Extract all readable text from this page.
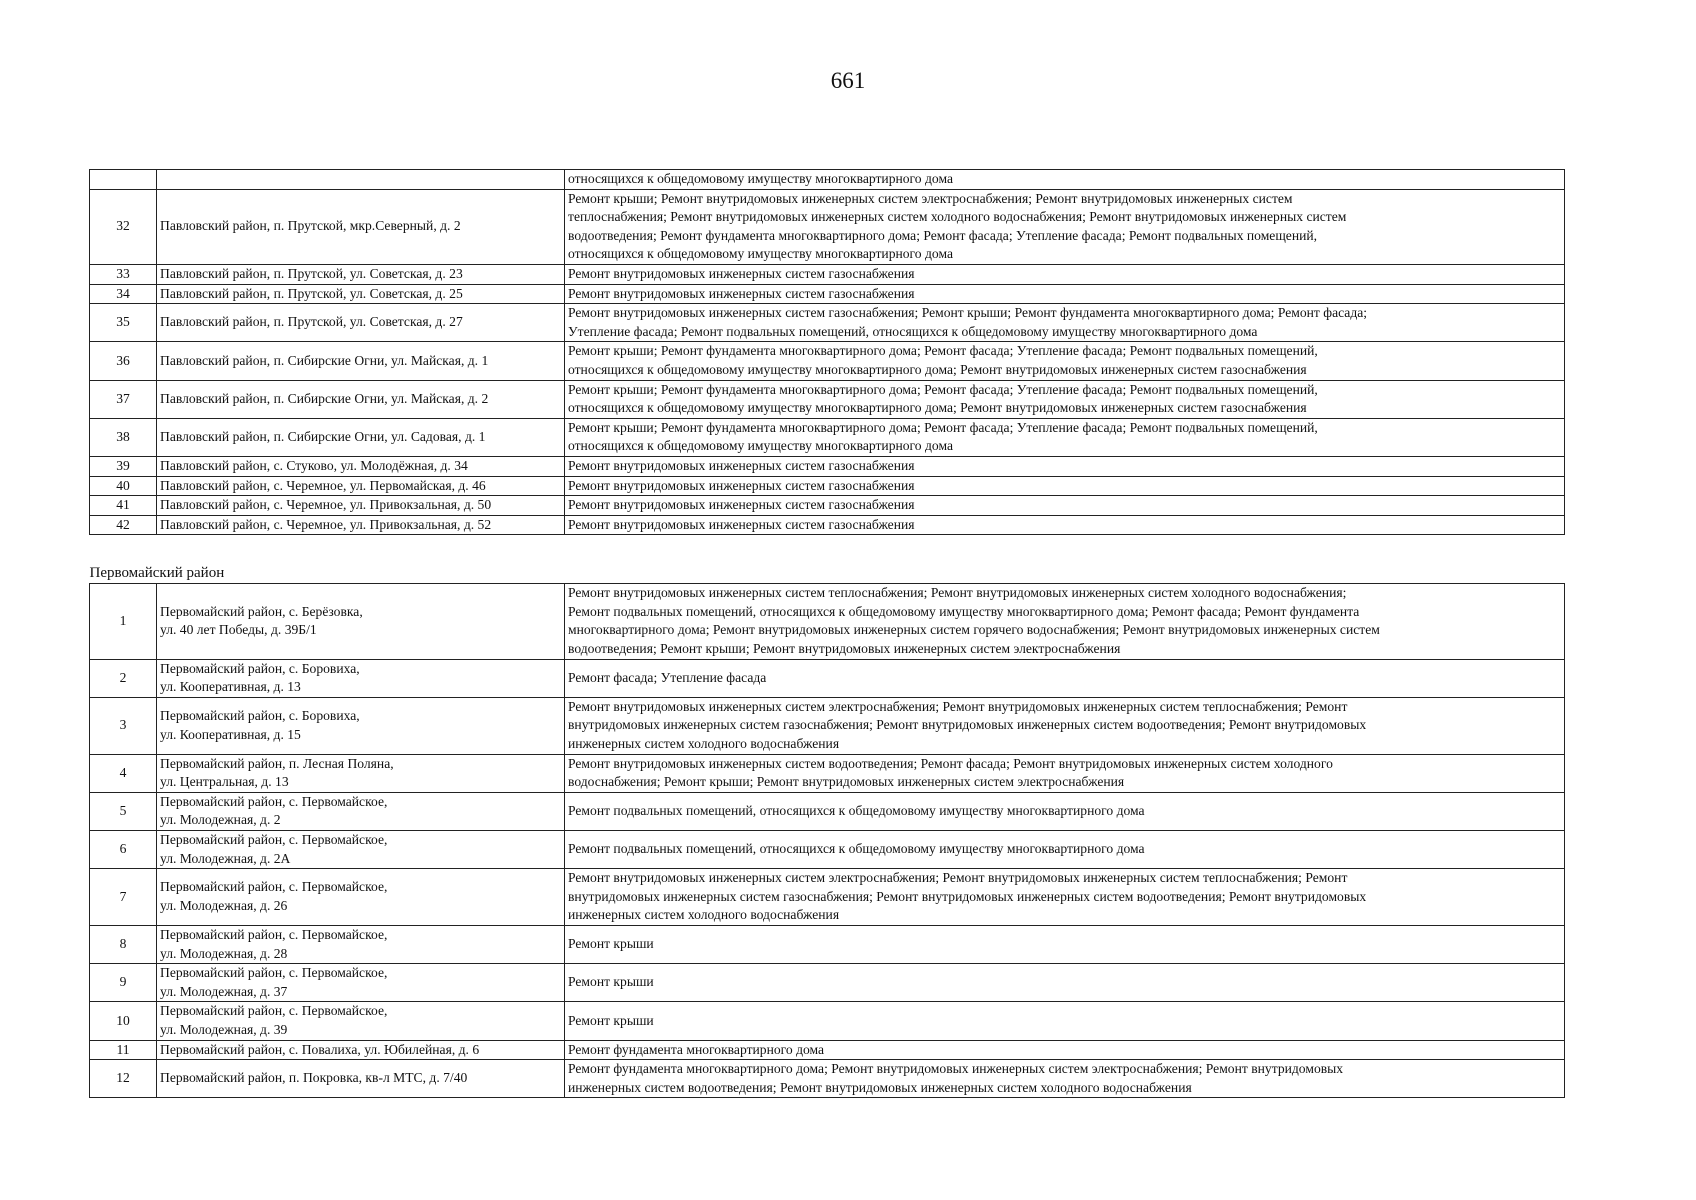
661
		относящихся к общедомовому имуществу многоквартирного дома
32	Павловский район, п. Прутской, мкр.Северный, д. 2	Ремонт крыши; Ремонт внутридомовых инженерных систем электроснабжения; Ремонт внутридомовых инженерных систем
теплоснабжения; Ремонт внутридомовых инженерных систем холодного водоснабжения; Ремонт внутридомовых инженерных систем
водоотведения; Ремонт фундамента многоквартирного дома; Ремонт фасада; Утепление фасада; Ремонт подвальных помещений,
относящихся к общедомовому имуществу многоквартирного дома
33	Павловский район, п. Прутской, ул. Советская, д. 23	Ремонт внутридомовых инженерных систем газоснабжения
34	Павловский район, п. Прутской, ул. Советская, д. 25	Ремонт внутридомовых инженерных систем газоснабжения
35	Павловский район, п. Прутской, ул. Советская, д. 27	Ремонт внутридомовых инженерных систем газоснабжения; Ремонт крыши; Ремонт фундамента многоквартирного дома; Ремонт фасада;
Утепление фасада; Ремонт подвальных помещений, относящихся к общедомовому имуществу многоквартирного дома
36	Павловский район, п. Сибирские Огни, ул. Майская, д. 1	Ремонт крыши; Ремонт фундамента многоквартирного дома; Ремонт фасада; Утепление фасада; Ремонт подвальных помещений,
относящихся к общедомовому имуществу многоквартирного дома; Ремонт внутридомовых инженерных систем газоснабжения
37	Павловский район, п. Сибирские Огни, ул. Майская, д. 2	Ремонт крыши; Ремонт фундамента многоквартирного дома; Ремонт фасада; Утепление фасада; Ремонт подвальных помещений,
относящихся к общедомовому имуществу многоквартирного дома; Ремонт внутридомовых инженерных систем газоснабжения
38	Павловский район, п. Сибирские Огни, ул. Садовая, д. 1	Ремонт крыши; Ремонт фундамента многоквартирного дома; Ремонт фасада; Утепление фасада; Ремонт подвальных помещений,
относящихся к общедомовому имуществу многоквартирного дома
39	Павловский район, с. Стуково, ул. Молодёжная, д. 34	Ремонт внутридомовых инженерных систем газоснабжения
40	Павловский район, с. Черемное, ул. Первомайская, д. 46	Ремонт внутридомовых инженерных систем газоснабжения
41	Павловский район, с. Черемное, ул. Привокзальная, д. 50	Ремонт внутридомовых инженерных систем газоснабжения
42	Павловский район, с. Черемное, ул. Привокзальная, д. 52	Ремонт внутридомовых инженерных систем газоснабжения
Первомайский район		
1	Первомайский район, с. Берёзовка,
ул. 40 лет Победы, д. 39Б/1	Ремонт внутридомовых инженерных систем теплоснабжения; Ремонт внутридомовых инженерных систем холодного водоснабжения;
Ремонт подвальных помещений, относящихся к общедомовому имуществу многоквартирного дома; Ремонт фасада; Ремонт фундамента
многоквартирного дома; Ремонт внутридомовых инженерных систем горячего водоснабжения; Ремонт внутридомовых инженерных систем
водоотведения; Ремонт крыши; Ремонт внутридомовых инженерных систем электроснабжения
2	Первомайский район, с. Боровиха,
ул. Кооперативная, д. 13	Ремонт фасада; Утепление фасада
3	Первомайский район, с. Боровиха,
ул. Кооперативная, д. 15	Ремонт внутридомовых инженерных систем электроснабжения; Ремонт внутридомовых инженерных систем теплоснабжения; Ремонт
внутридомовых инженерных систем газоснабжения; Ремонт внутридомовых инженерных систем водоотведения; Ремонт внутридомовых
инженерных систем холодного водоснабжения
4	Первомайский район, п. Лесная Поляна,
ул. Центральная, д. 13	Ремонт внутридомовых инженерных систем водоотведения; Ремонт фасада; Ремонт внутридомовых инженерных систем холодного
водоснабжения; Ремонт крыши; Ремонт внутридомовых инженерных систем электроснабжения
5	Первомайский район, с. Первомайское,
ул. Молодежная, д. 2	Ремонт подвальных помещений, относящихся к общедомовому имуществу многоквартирного дома
6	Первомайский район, с. Первомайское,
ул. Молодежная, д. 2А	Ремонт подвальных помещений, относящихся к общедомовому имуществу многоквартирного дома
7	Первомайский район, с. Первомайское,
ул. Молодежная, д. 26	Ремонт внутридомовых инженерных систем электроснабжения; Ремонт внутридомовых инженерных систем теплоснабжения; Ремонт
внутридомовых инженерных систем газоснабжения; Ремонт внутридомовых инженерных систем водоотведения; Ремонт внутридомовых
инженерных систем холодного водоснабжения
8	Первомайский район, с. Первомайское,
ул. Молодежная, д. 28	Ремонт крыши
9	Первомайский район, с. Первомайское,
ул. Молодежная, д. 37	Ремонт крыши
10	Первомайский район, с. Первомайское,
ул. Молодежная, д. 39	Ремонт крыши
11	Первомайский район, с. Повалиха, ул. Юбилейная, д. 6	Ремонт фундамента многоквартирного дома
12	Первомайский район, п. Покровка, кв-л МТС, д. 7/40	Ремонт фундамента многоквартирного дома; Ремонт внутридомовых инженерных систем электроснабжения; Ремонт внутридомовых
инженерных систем водоотведения; Ремонт внутридомовых инженерных систем холодного водоснабжения
